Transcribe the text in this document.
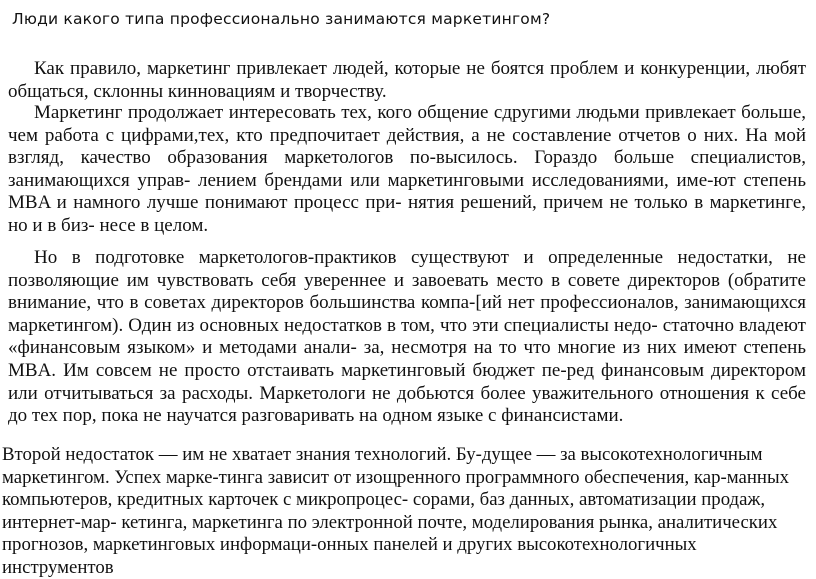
Люди какого типа профессионально занимаются маркетингом?

Как правило, маркетинг привлекает людей, которые не боятся проблем и конкуренции, любят общаться, склонны кинновациям и творчеству.

Маркетинг продолжает интересовать тех, кого общение сдругими людьми привлекает больше, чем работа с цифрами,тех, кто предпочитает действия, а не составление отчетов о них. На мой взгляд, качество образования маркетологов по-высилось. Гораздо больше специалистов, занимающихся управ- лением брендами или маркетинговыми исследованиями, име-ют степень MBA и намного лучше понимают процесс при- нятия решений, причем не только в маркетинге, но и в биз- несе в целом.

Но в подготовке маркетологов-практиков существуют и определенные недостатки, не позволяющие им чувствовать себя увереннее и завоевать место в совете директоров (обратите внимание, что в советах директоров большинства компа-[ий нет профессионалов, занимающихся маркетингом). Один из основных недостатков в том, что эти специалисты недо- статочно владеют «финансовым языком» и методами анали- за, несмотря на то что многие из них имеют степень MBA. Им совсем не просто отстаивать маркетинговый бюджет пе-ред финансовым директором или отчитываться за расходы. Маркетологи не добьются более уважительного отношения к себе до тех пор, пока не научатся разговаривать на одном языке с финансистами.

Второй недостаток — им не хватает знания технологий. Бу-дущее — за высокотехнологичным маркетингом. Успех марке-тинга зависит от изощренного программного обеспечения, кар-манных компьютеров, кредитных карточек с микропроцес- сорами, баз данных, автоматизации продаж, интернет-мар- кетинга, маркетинга по электронной почте, моделирования рынка, аналитических прогнозов, маркетинговых информаци-онных панелей и других высокотехнологичных инструментов
